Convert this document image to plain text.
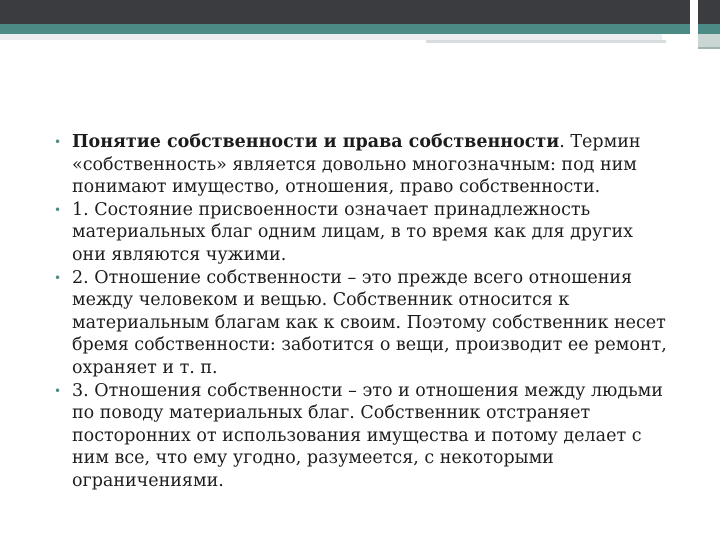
• Понятие собственности и права собственности. Термин «собственность» является довольно многозначным: под ним понимают имущество, отношения, право собственности.
• 1. Состояние присвоенности означает принадлежность материальных благ одним лицам, в то время как для других они являются чужими.
• 2. Отношение собственности – это прежде всего отношения между человеком и вещью. Собственник относится к материальным благам как к своим. Поэтому собственник несет бремя собственности: заботится о вещи, производит ее ремонт, охраняет и т. п.
• 3. Отношения собственности – это и отношения между людьми по поводу материальных благ. Собственник отстраняет посторонних от использования имущества и потому делает с ним все, что ему угодно, разумеется, с некоторыми ограничениями.
